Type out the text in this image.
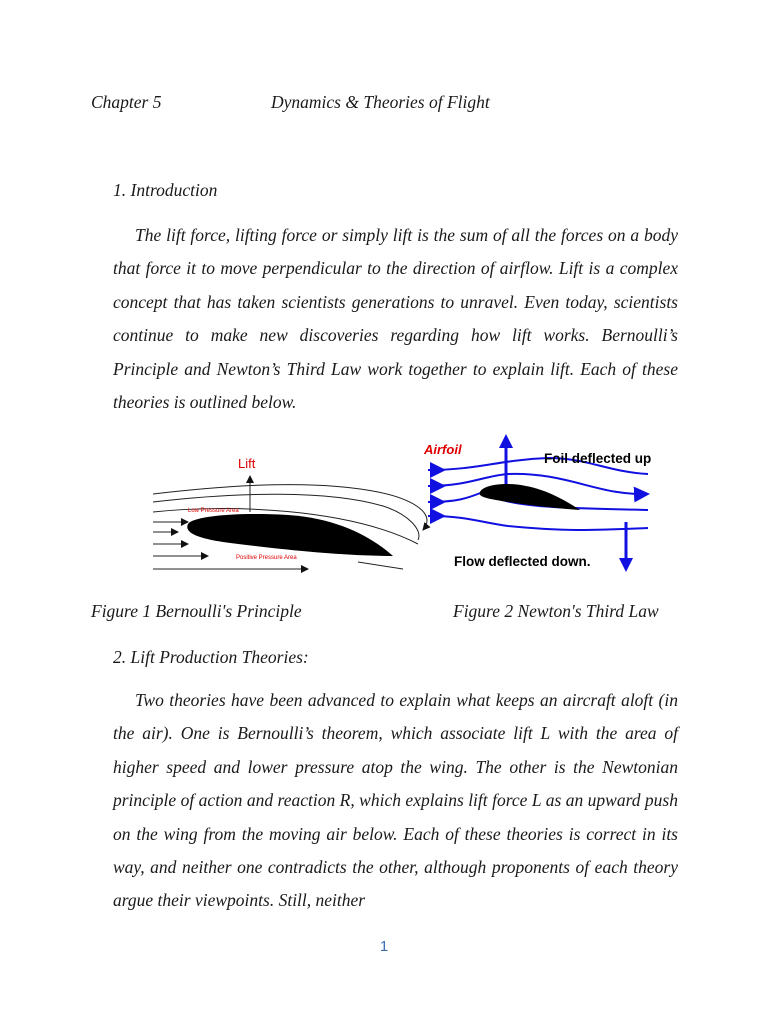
Chapter 5	Dynamics & Theories of Flight
1. Introduction
The lift force, lifting force or simply lift is the sum of all the forces on a body that force it to move perpendicular to the direction of airflow. Lift is a complex concept that has taken scientists generations to unravel. Even today, scientists continue to make new discoveries regarding how lift works. Bernoulli’s Principle and Newton’s Third Law work together to explain lift. Each of these theories is outlined below.
Lift
Low Pressure Area
Positive Pressure Area
Airfoil
Foil deflected up
Flow deflected down.
Figure 1 Bernoulli's Principle	Figure 2 Newton's Third Law
2. Lift Production Theories:
Two theories have been advanced to explain what keeps an aircraft aloft (in the air). One is Bernoulli’s theorem, which associate lift L with the area of higher speed and lower pressure atop the wing. The other is the Newtonian principle of action and reaction R, which explains lift force L as an upward push on the wing from the moving air below. Each of these theories is correct in its way, and neither one contradicts the other, although proponents of each theory argue their viewpoints. Still, neither
1
